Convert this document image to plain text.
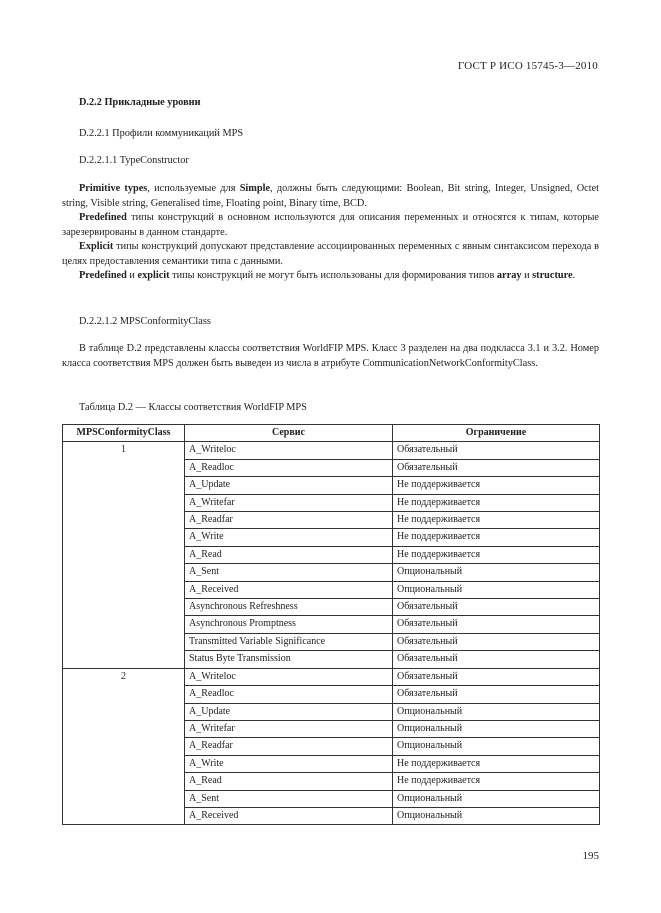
ГОСТ Р ИСО 15745-3—2010
D.2.2 Прикладные уровни
D.2.2.1 Профили коммуникаций MPS
D.2.2.1.1 TypeConstructor
Primitive types, используемые для Simple, должны быть следующими: Boolean, Bit string, Integer, Unsigned, Octet string, Visible string, Generalised time, Floating point, Binary time, BCD.
Predefined типы конструкций в основном используются для описания переменных и относятся к типам, которые зарезервированы в данном стандарте.
Explicit типы конструкций допускают представление ассоциированных переменных с явным синтаксисом перехода в целях предоставления семантики типа с данными.
Predefined и explicit типы конструкций не могут быть использованы для формирования типов array и structure.
D.2.2.1.2 MPSConformityClass
В таблице D.2 представлены классы соответствия WorldFIP MPS. Класс 3 разделен на два подкласса 3.1 и 3.2. Номер класса соответствия MPS должен быть выведен из числа в атрибуте CommunicationNetworkConformityClass.
Таблица D.2 — Классы соответствия WorldFIP MPS
MPSConformityClass	Сервис	Ограничение
1	A_Writeloc	Обязательный
	A_Readloc	Обязательный
	A_Update	Не поддерживается
	A_Writefar	Не поддерживается
	A_Readfar	Не поддерживается
	A_Write	Не поддерживается
	A_Read	Не поддерживается
	A_Sent	Опциональный
	A_Received	Опциональный
	Asynchronous Refreshness	Обязательный
	Asynchronous Promptness	Обязательный
	Transmitted Variable Significance	Обязательный
	Status Byte Transmission	Обязательный
2	A_Writeloc	Обязательный
	A_Readloc	Обязательный
	A_Update	Опциональный
	A_Writefar	Опциональный
	A_Readfar	Опциональный
	A_Write	Не поддерживается
	A_Read	Не поддерживается
	A_Sent	Опциональный
	A_Received	Опциональный
195
